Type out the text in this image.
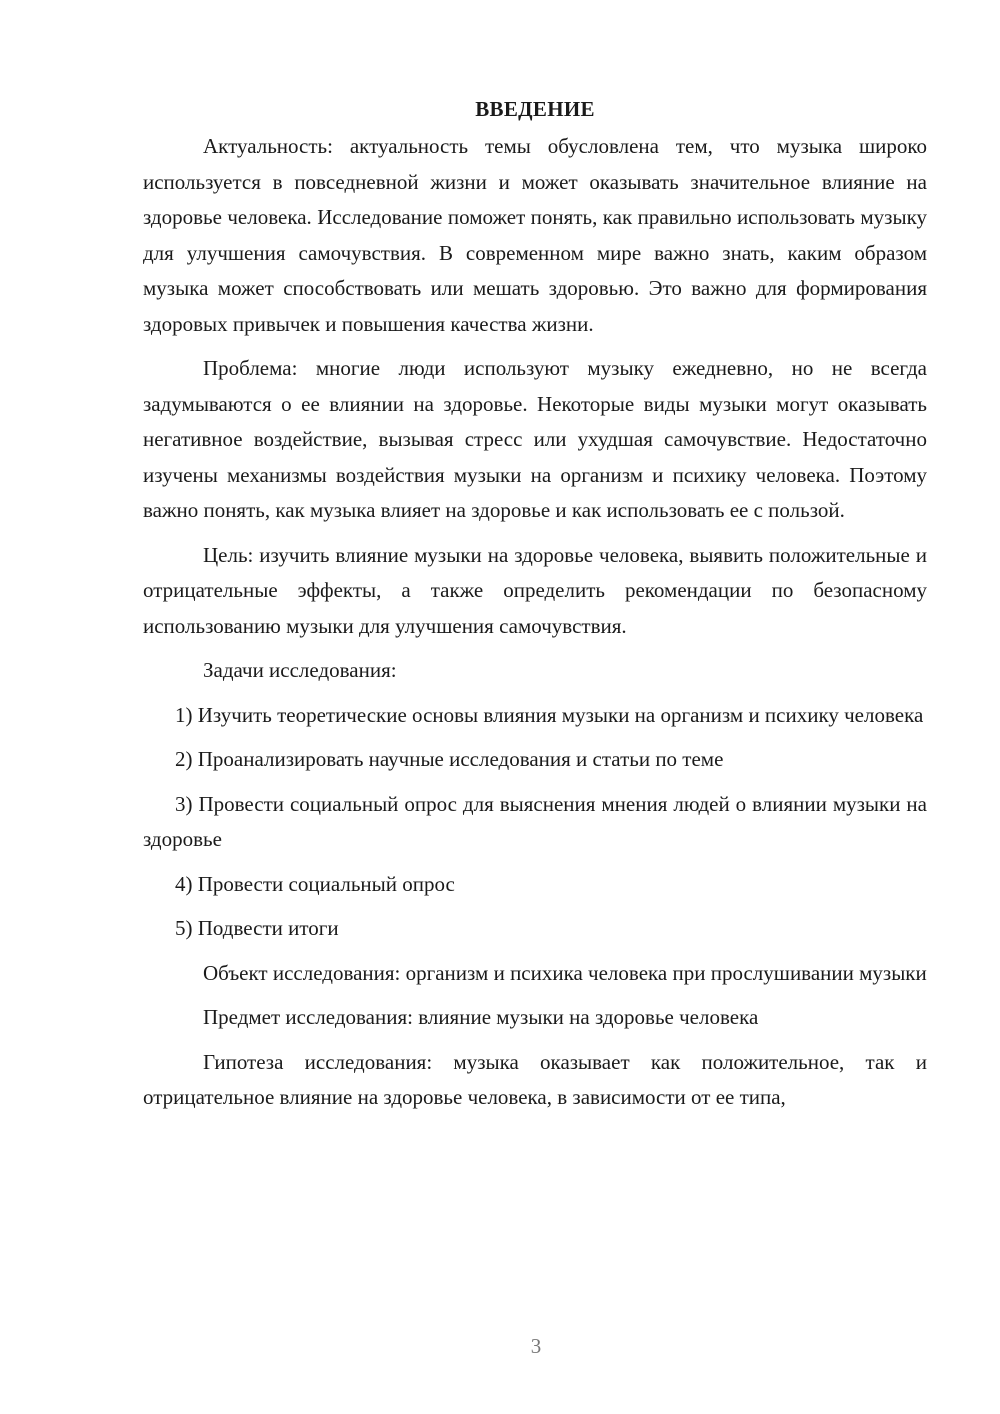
ВВЕДЕНИЕ

Актуальность: актуальность темы обусловлена тем, что музыка широко используется в повседневной жизни и может оказывать значительное влияние на здоровье человека. Исследование поможет понять, как правильно использовать музыку для улучшения самочувствия. В современном мире важно знать, каким образом музыка может способствовать или мешать здоровью. Это важно для формирования здоровых привычек и повышения качества жизни.

Проблема: многие люди используют музыку ежедневно, но не всегда задумываются о ее влиянии на здоровье. Некоторые виды музыки могут оказывать негативное воздействие, вызывая стресс или ухудшая самочувствие. Недостаточно изучены механизмы воздействия музыки на организм и психику человека. Поэтому важно понять, как музыка влияет на здоровье и как использовать ее с пользой.

Цель: изучить влияние музыки на здоровье человека, выявить положительные и отрицательные эффекты, а также определить рекомендации по безопасному использованию музыки для улучшения самочувствия.

Задачи исследования:

1) Изучить теоретические основы влияния музыки на организм и психику человека

2) Проанализировать научные исследования и статьи по теме

3) Провести социальный опрос для выяснения мнения людей о влиянии музыки на здоровье

4) Провести социальный опрос

5) Подвести итоги

Объект исследования: организм и психика человека при прослушивании музыки

Предмет исследования: влияние музыки на здоровье человека

Гипотеза исследования: музыка оказывает как положительное, так и отрицательное влияние на здоровье человека, в зависимости от ее типа,

3
